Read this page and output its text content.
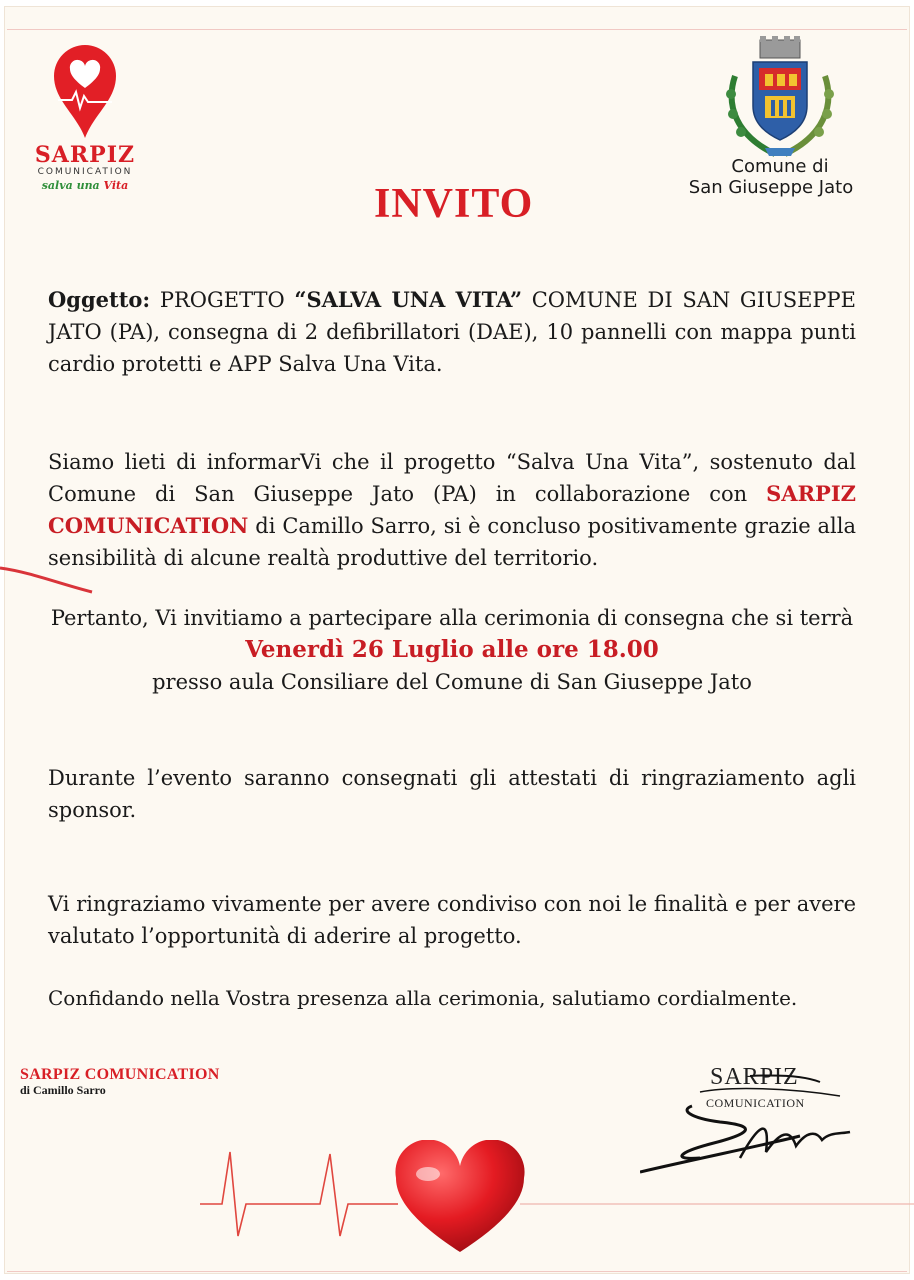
SARPIZ
COMUNICATION
salva una Vita
Comune di
San Giuseppe Jato
INVITO
Oggetto: PROGETTO “SALVA UNA VITA” COMUNE DI SAN GIUSEPPE JATO (PA), consegna di 2 defibrillatori (DAE), 10 pannelli con mappa punti cardio protetti e APP Salva Una Vita.
Siamo lieti di informarVi che il progetto “Salva Una Vita”, sostenuto dal Comune di San Giuseppe Jato (PA) in collaborazione con SARPIZ COMUNICATION di Camillo Sarro, si è concluso positivamente grazie alla sensibilità di alcune realtà produttive del territorio.
Pertanto, Vi invitiamo a partecipare alla cerimonia di consegna che si terrà
Venerdì 26 Luglio alle ore 18.00
presso aula Consiliare del Comune di San Giuseppe Jato
Durante l’evento saranno consegnati gli attestati di ringraziamento agli sponsor.
Vi ringraziamo vivamente per avere condiviso con noi le finalità e per avere valutato l’opportunità di aderire al progetto.
Confidando nella Vostra presenza alla cerimonia, salutiamo cordialmente.
SARPIZ COMUNICATION
di Camillo Sarro	SARPIZ
COMUNICATION
